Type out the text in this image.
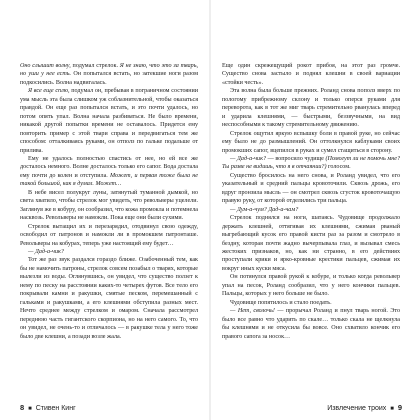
Оно слышит волну, подумал стрелок. Я не знаю, что это за тварь, но уши у нее есть. Он попытался встать, но затекшие ноги разом подкосились. Волна надвигалась.

Я все еще сплю, подумал он, пребывая в пограничном состоянии ума мысль эта была слишком уж соблазнительной, чтобы оказаться правдой. Он еще раз попытался встать, и это почти удалось, но потом опять упал. Волна начала разбиваться. Не было времени, никакой другой попытки времени не оставалось. Придется ему повторить пример с этой твари справа и передвигаться тем же способом: отталкиваясь руками, он отполз по гальке подальше от прилива.

Ему не удалось полностью спастись от нее, но ей все же досталось немного. Волне досталось только его сапог. Вода достала ему почти до колен и отступила. Может, и первая тоже была не такой большой, как я думал. Может…

В небе висел полукруг луны, затянутый туманной дымкой, но света хватило, чтобы стрелок мог увидеть, что револьверы уцелели. Заглянув же в кобуру, он сообразил, что кожа промокла и потемнела насквозь. Револьверы не намокли. Пока еще они были сухими.

Стрелок вытащил их и перезарядил, отодвинул свою одежду, освободил от патронов и намокли ли в промокшем патронташе. Револьверы на кобурах, теперь уже настоящий ему будет…

— Дад-а-чик?

Тот же раз звук раздался гораздо ближе. Озабоченный тем, как бы не намочить патроны, стрелок совсем позабыл о тварях, которые вылезли из воды. Оглянувшись, он увидел, что существо ползет к нему по песку на расстоянии каких-то четырех футов. Все тело его покрывали камни и ракушки, смятые песком, перемешанный с гальками и ракушками, а его клешнями обступила разных мест. Нечто среднее между стрелком и омаром. Сначала рассмотрел переднюю часть гигантского скорпиона, но на него самого. То, что он увидел, не очень-то и отличалось — в ракушке тела у него тоже было две клешни, а позади возле жала.

Еще один скрежещущий рокот прибоя, на этот раз громче. Существо снова застыло и поднял клешни в своей вариации «стойки честь».

Эта волна была больше прежних. Роланд снова пополз вверх по пологому прибрежному склону и только оперся руками для переворота, как в тот же миг тварь стремительно рванулась вперед и ударила клешнями, — быстрыми, беззвучными, на вид неспособными к такому стремительному движению.

Стрелок ощутил яркую вспышку боли в правой руке, но сейчас ему было не до размышлений. Он оттолкнулся каблуками своих промокших сапог, вцепился в руках и сумел стащиться в сторону.

— Дад-а-чик? — вопросило чудище (Помогут ли не помочь мне? Ты разве не видишь, что я в отчаянии?) голосом.

Существо бросилось на него снова, и Роланд увидел, что его указательный и средний пальцы кровоточили. Сквозь дрожь, его вдруг пронзила мысль — он смотрел сквозь сгусток кровоточащую правую руку, от которой отделились три пальца.

— Дум-а-чум? Дад-а-чам?

Стрелок поднялся на ноги, шатаясь. Чудовище продолжало держать клешней, оттягивая их клешнями, сжимая рваный выгребающий кусок его правой кисти раз за разом и смотрело в бездну, которая почти жадно вычерпывала глаз, и вызывал смесь жестоких признаков, но, как ни странно, в его действиях проступали крики и ярко-кровные крестики пальцев, сжимая их вокруг иных куски мяса.

Он потянулся правой рукой к кобуре, и только когда револьвер упал на песок, Роланд сообразил, что у него кончики пальцев. Пальцы, которых у него больше не было.

Чудовище попятилось и стало поедать.

— Нет, сволочь! — прорычал Роланд и пнул тварь ногой. Это было все равно что ударить по скале… только скала не щелкнула бы клешнями и не откусила бы вовсе. Оно схватило кончик его правого сапога за носок…

8 ■ Стивен Кинг	Извлечение троих ■ 9
